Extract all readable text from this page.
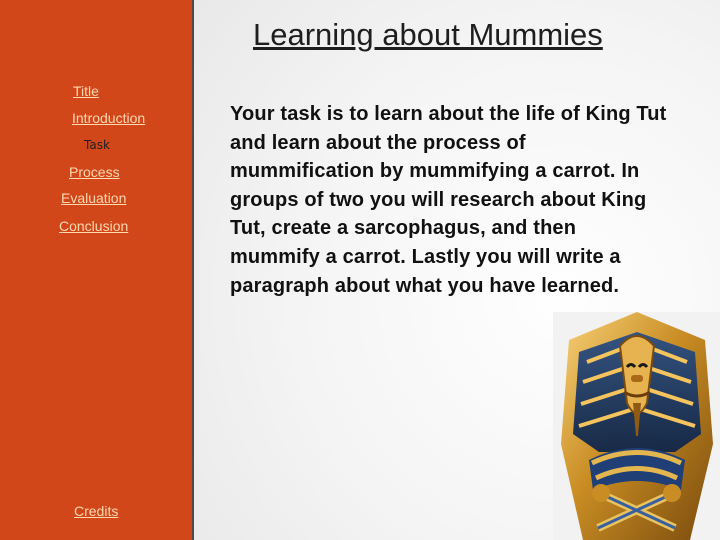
Title
Introduction
Task
Process
Evaluation
Conclusion
Credits
Learning about Mummies
Your task is to learn about the life of King Tut and learn about the process of mummification by mummifying a carrot. In groups of two you will research about King Tut, create a sarcophagus, and then mummify a carrot. Lastly you will write a paragraph about what you have learned.
